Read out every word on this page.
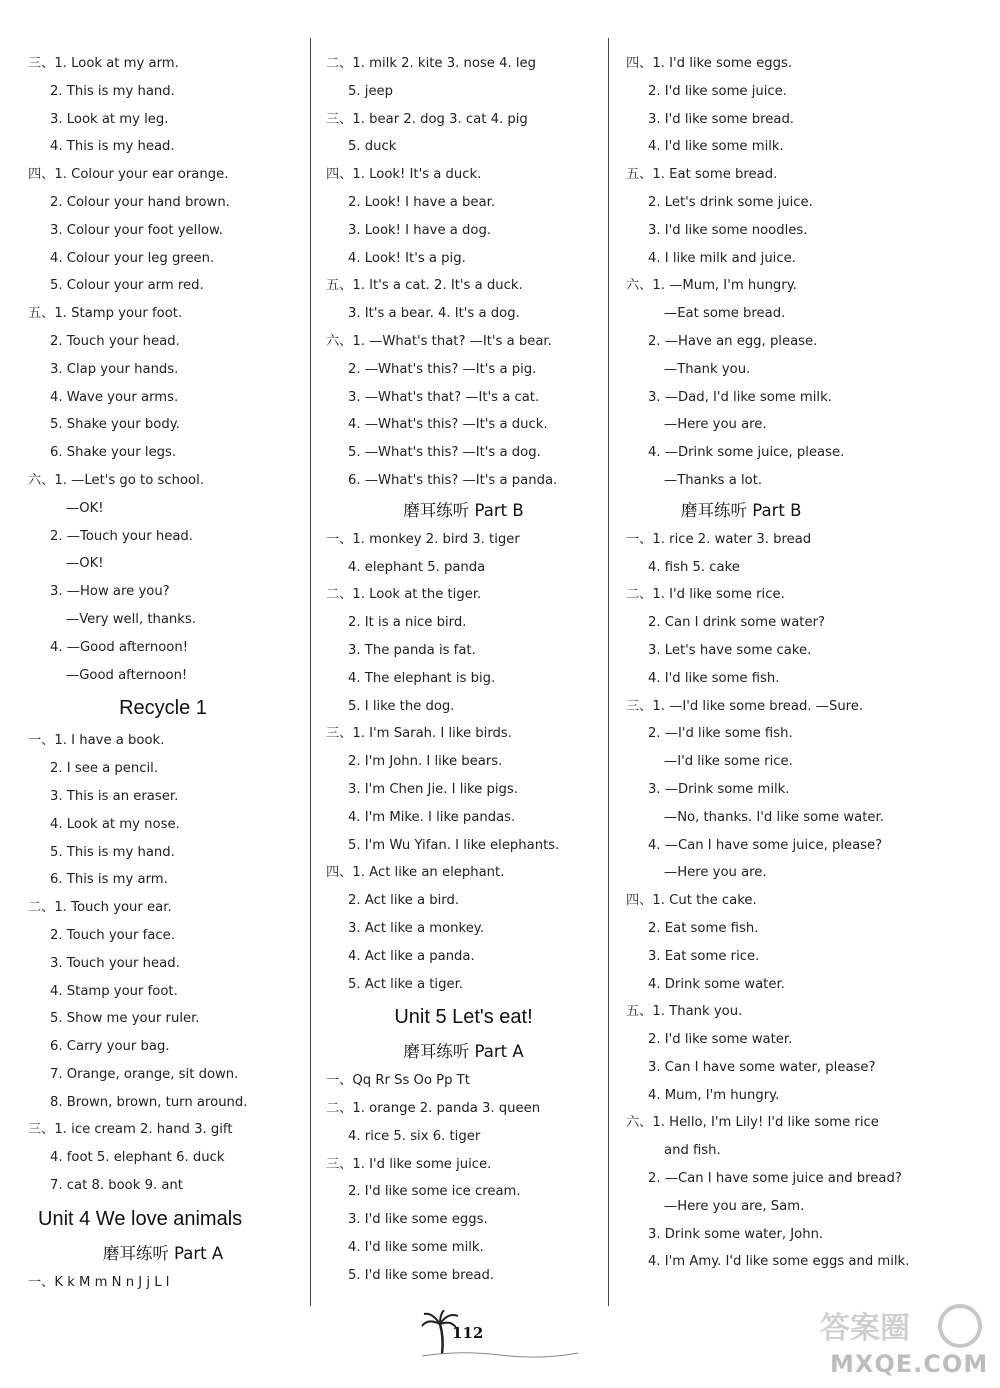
三、1. Look at my arm.
2. This is my hand.
3. Look at my leg.
4. This is my head.
四、1. Colour your ear orange.
2. Colour your hand brown.
3. Colour your foot yellow.
4. Colour your leg green.
5. Colour your arm red.
五、1. Stamp your foot.
2. Touch your head.
3. Clap your hands.
4. Wave your arms.
5. Shake your body.
6. Shake your legs.
六、1. —Let's go to school.
—OK!
2. —Touch your head.
—OK!
3. —How are you?
—Very well, thanks.
4. —Good afternoon!
—Good afternoon!
Recycle 1
一、1. I have a book.
2. I see a pencil.
3. This is an eraser.
4. Look at my nose.
5. This is my hand.
6. This is my arm.
二、1. Touch your ear.
2. Touch your face.
3. Touch your head.
4. Stamp your foot.
5. Show me your ruler.
6. Carry your bag.
7. Orange, orange, sit down.
8. Brown, brown, turn around.
三、1. ice cream 2. hand 3. gift
4. foot 5. elephant 6. duck
7. cat 8. book 9. ant
Unit 4 We love animals
磨耳练听 Part A
一、K k M m N n J j L l
二、1. milk 2. kite 3. nose 4. leg
5. jeep
三、1. bear 2. dog 3. cat 4. pig
5. duck
四、1. Look! It's a duck.
2. Look! I have a bear.
3. Look! I have a dog.
4. Look! It's a pig.
五、1. It's a cat. 2. It's a duck.
3. It's a bear. 4. It's a dog.
六、1. —What's that? —It's a bear.
2. —What's this? —It's a pig.
3. —What's that? —It's a cat.
4. —What's this? —It's a duck.
5. —What's this? —It's a dog.
6. —What's this? —It's a panda.
磨耳练听 Part B
一、1. monkey 2. bird 3. tiger
4. elephant 5. panda
二、1. Look at the tiger.
2. It is a nice bird.
3. The panda is fat.
4. The elephant is big.
5. I like the dog.
三、1. I'm Sarah. I like birds.
2. I'm John. I like bears.
3. I'm Chen Jie. I like pigs.
4. I'm Mike. I like pandas.
5. I'm Wu Yifan. I like elephants.
四、1. Act like an elephant.
2. Act like a bird.
3. Act like a monkey.
4. Act like a panda.
5. Act like a tiger.
Unit 5 Let's eat!
磨耳练听 Part A
一、Qq Rr Ss Oo Pp Tt
二、1. orange 2. panda 3. queen
4. rice 5. six 6. tiger
三、1. I'd like some juice.
2. I'd like some ice cream.
3. I'd like some eggs.
4. I'd like some milk.
5. I'd like some bread.
四、1. I'd like some eggs.
2. I'd like some juice.
3. I'd like some bread.
4. I'd like some milk.
五、1. Eat some bread.
2. Let's drink some juice.
3. I'd like some noodles.
4. I like milk and juice.
六、1. —Mum, I'm hungry.
—Eat some bread.
2. —Have an egg, please.
—Thank you.
3. —Dad, I'd like some milk.
—Here you are.
4. —Drink some juice, please.
—Thanks a lot.
磨耳练听 Part B
一、1. rice 2. water 3. bread
4. fish 5. cake
二、1. I'd like some rice.
2. Can I drink some water?
3. Let's have some cake.
4. I'd like some fish.
三、1. —I'd like some bread. —Sure.
2. —I'd like some fish.
—I'd like some rice.
3. —Drink some milk.
—No, thanks. I'd like some water.
4. —Can I have some juice, please?
—Here you are.
四、1. Cut the cake.
2. Eat some fish.
3. Eat some rice.
4. Drink some water.
五、1. Thank you.
2. I'd like some water.
3. Can I have some water, please?
4. Mum, I'm hungry.
六、1. Hello, I'm Lily! I'd like some rice
and fish.
2. —Can I have some juice and bread?
—Here you are, Sam.
3. Drink some water, John.
4. I'm Amy. I'd like some eggs and milk.
112	答案圈
MXQE.COM
